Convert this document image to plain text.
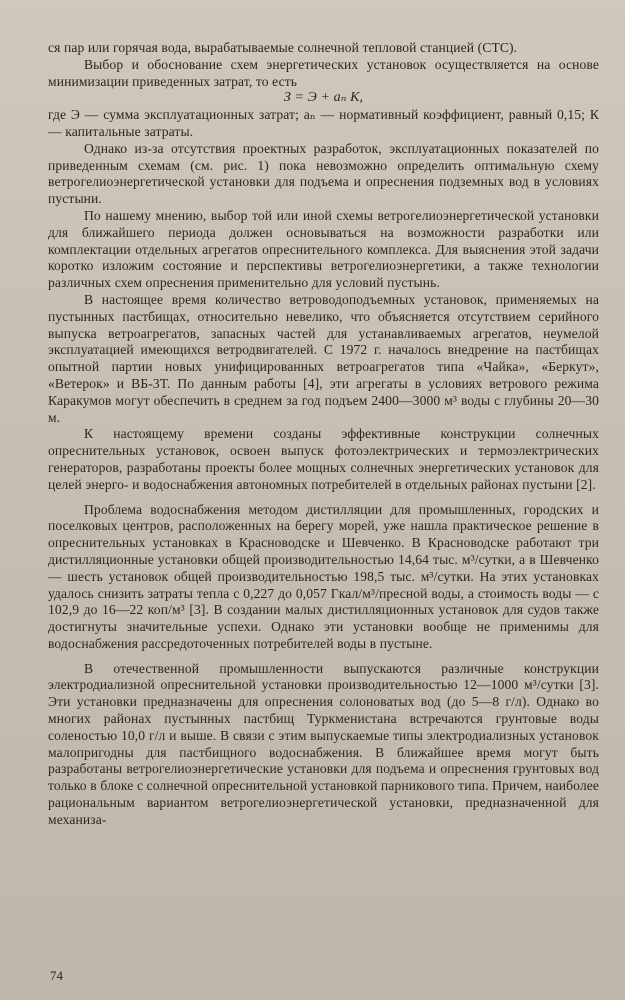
ся пар или горячая вода, вырабатываемые солнечной тепловой станцией (СТС).

Выбор и обоснование схем энергетических установок осуществляется на основе минимизации приведенных затрат, то есть

З = Э + aₙ К,

где Э — сумма эксплуатационных затрат; aₙ — нормативный коэффициент, равный 0,15; К — капитальные затраты.

Однако из-за отсутствия проектных разработок, эксплуатационных показателей по приведенным схемам (см. рис. 1) пока невозможно определить оптимальную схему ветрогелиоэнергетической установки для подъема и опреснения подземных вод в условиях пустыни.

По нашему мнению, выбор той или иной схемы ветрогелиоэнергетической установки для ближайшего периода должен основываться на возможности разработки или комплектации отдельных агрегатов опреснительного комплекса. Для выяснения этой задачи коротко изложим состояние и перспективы ветрогелиоэнергетики, а также технологии различных схем опреснения применительно для условий пустынь.

В настоящее время количество ветроводоподъемных установок, применяемых на пустынных пастбищах, относительно невелико, что объясняется отсутствием серийного выпуска ветроагрегатов, запасных частей для устанавливаемых агрегатов, неумелой эксплуатацией имеющихся ветродвигателей. С 1972 г. началось внедрение на пастбищах опытной партии новых унифицированных ветроагрегатов типа «Чайка», «Беркут», «Ветерок» и ВБ-3Т. По данным работы [4], эти агрегаты в условиях ветрового режима Каракумов могут обеспечить в среднем за год подъем 2400—3000 м³ воды с глубины 20—30 м.

К настоящему времени созданы эффективные конструкции солнечных опреснительных установок, освоен выпуск фотоэлектрических и термоэлектрических генераторов, разработаны проекты более мощных солнечных энергетических установок для целей энерго- и водоснабжения автономных потребителей в отдельных районах пустыни [2].

Проблема водоснабжения методом дистилляции для промышленных, городских и поселковых центров, расположенных на берегу морей, уже нашла практическое решение в опреснительных установках в Красноводске и Шевченко. В Красноводске работают три дистилляционные установки общей производительностью 14,64 тыс. м³/сутки, а в Шевченко — шесть установок общей производительностью 198,5 тыс. м³/сутки. На этих установках удалось снизить затраты тепла с 0,227 до 0,057 Гкал/м³/пресной воды, а стоимость воды — с 102,9 до 16—22 коп/м³ [3]. В создании малых дистилляционных установок для судов также достигнуты значительные успехи. Однако эти установки вообще не применимы для водоснабжения рассредоточенных потребителей воды в пустыне.

В отечественной промышленности выпускаются различные конструкции электродиализной опреснительной установки производительностью 12—1000 м³/сутки [3]. Эти установки предназначены для опреснения солоноватых вод (до 5—8 г/л). Однако во многих районах пустынных пастбищ Туркменистана встречаются грунтовые воды соленостью 10,0 г/л и выше. В связи с этим выпускаемые типы электродиализных установок малопригодны для пастбищного водоснабжения. В ближайшее время могут быть разработаны ветрогелиоэнергетические установки для подъема и опреснения грунтовых вод только в блоке с солнечной опреснительной установкой парникового типа. Причем, наиболее рациональным вариантом ветрогелиоэнергетической установки, предназначенной для механиза-

74
